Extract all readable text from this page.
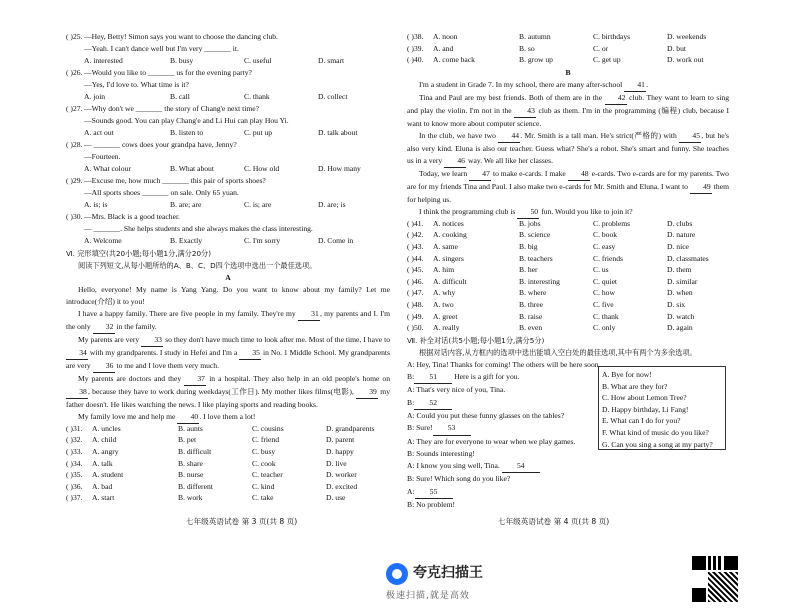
( )25. —Hey, Betty! Simon says you want to choose the dancing club.
—Yeah. I can't dance well but I'm very _______ it.
A. interested	B. busy	C. useful	D. smart
( )26. —Would you like to _______ us for the evening party?
—Yes, I'd love to. What time is it?
A. join	B. call	C. thank	D. collect
( )27. —Why don't we _______ the story of Chang'e next time?
—Sounds good. You can play Chang'e and Li Hui can play Hou Yi.
A. act out	B. listen to	C. put up	D. talk about
( )28. — _______ cows does your grandpa have, Jenny?
—Fourteen.
A. What colour	B. What about	C. How old	D. How many
( )29. —Excuse me, how much _______ this pair of sports shoes?
—All sports shoes _______ on sale. Only 65 yuan.
A. is; is	B. are; are	C. is; are	D. are; is
( )30. —Mrs. Black is a good teacher.
— _______. She helps students and she always makes the class interesting.
A. Welcome	B. Exactly	C. I'm sorry	D. Come in
Ⅵ. 完形填空(共20小题;每小题1分,满分20分)
阅读下列短文,从每小题所给的A、B、C、D四个选项中选出一个最佳选项。
A
Hello, everyone! My name is Yang Yang. Do you want to know about my family? Let me introduce(介绍) it to you!
I have a happy family. There are five people in my family. They're my 31, my parents and I. I'm the only 32 in the family.
My parents are very 33 so they don't have much time to look after me. Most of the time, I have to 34 with my grandparents. I study in Hefei and I'm a 35 in No. 1 Middle School. My grandparents are very 36 to me and I love them very much.
My parents are doctors and they 37 in a hospital. They also help in an old people's home on 38, because they have to work during weekdays(工作日). My mother likes films(电影), 39 my father doesn't. He likes watching the news. I like playing sports and reading books.
My family love me and help me 40. I love them a lot!
( )31. A. uncles	B. aunts	C. cousins	D. grandparents
( )32. A. child	B. pet	C. friend	D. parent
( )33. A. angry	B. difficult	C. busy	D. happy
( )34. A. talk	B. share	C. cook	D. live
( )35. A. student	B. nurse	C. teacher	D. worker
( )36. A. bad	B. different	C. kind	D. excited
( )37. A. start	B. work	C. take	D. use
七年级英语试卷 第 3 页(共 8 页)
( )38. A. noon	B. autumn	C. birthdays	D. weekends
( )39. A. and	B. so	C. or	D. but
( )40. A. come back	B. grow up	C. get up	D. work out
B
I'm a student in Grade 7. In my school, there are many after-school 41.
Tina and Paul are my best friends. Both of them are in the 42 club. They want to learn to sing and play the violin. I'm not in the 43 club as them. I'm in the programming (编程) club, because I want to know more about computer science.
In the club, we have two 44. Mr. Smith is a tall man. He's strict(严格的) with 45, but he's also very kind. Eluna is also our teacher. Guess what? She's a robot. She's smart and funny. She teaches us in a very 46 way. We all like her classes.
Today, we learn 47 to make e-cards. I make 48 e-cards. Two e-cards are for my parents. Two are for my friends Tina and Paul. I also make two e-cards for Mr. Smith and Eluna. I want to 49 them for helping us.
I think the programming club is 50 fun. Would you like to join it?
( )41. A. notices	B. jobs	C. problems	D. clubs
( )42. A. cooking	B. science	C. book	D. nature
( )43. A. same	B. big	C. easy	D. nice
( )44. A. singers	B. teachers	C. friends	D. classmates
( )45. A. him	B. her	C. us	D. them
( )46. A. difficult	B. interesting	C. quiet	D. similar
( )47. A. why	B. where	C. how	D. when
( )48. A. two	B. three	C. five	D. six
( )49. A. greet	B. raise	C. thank	D. watch
( )50. A. really	B. even	C. only	D. again
Ⅶ. 补全对话(共5小题;每小题1分,满分5分)
根据对话内容,从方框内的选项中选出能填入空白处的最佳选项,其中有两个为多余选项。
A: Hey, Tina! Thanks for coming! The others will be here soon.
B: 51 Here is a gift for you.
A: That's very nice of you, Tina.
B: 52
A: Could you put these funny glasses on the tables?
B: Sure! 53
A: They are for everyone to wear when we play games.
B: Sounds interesting!
A: I know you sing well, Tina. 54
B: Sure! Which song do you like?
A: 55
B: No problem!
A. Bye for now!
B. What are they for?
C. How about Lemon Tree?
D. Happy birthday, Li Fang!
E. What can I do for you?
F. What kind of music do you like?
G. Can you sing a song at my party?
七年级英语试卷 第 4 页(共 8 页)
夸克扫描王
极速扫描,就是高效
